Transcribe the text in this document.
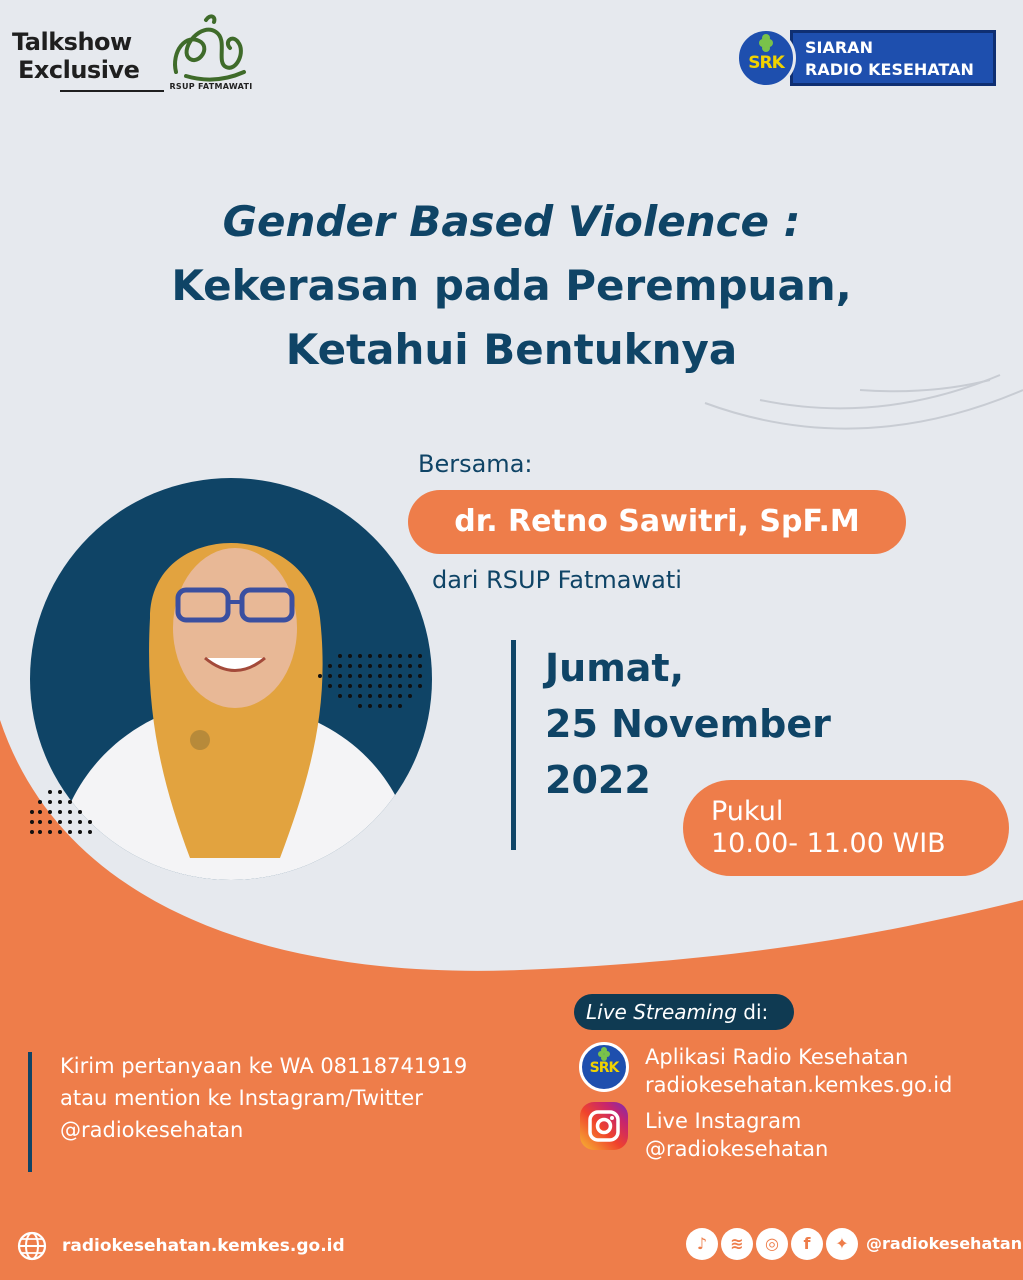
Talkshow
Exclusive
RSUP FATMAWATI
SIARAN
RADIO KESEHATAN
SRK
Gender Based Violence :
Kekerasan pada Perempuan,
Ketahui Bentuknya
Bersama:
dr. Retno Sawitri, SpF.M
dari RSUP Fatmawati
Jumat,
25 November
2022
Pukul
10.00- 11.00 WIB
Live Streaming di:
SRK	Aplikasi Radio Kesehatan
radiokesehatan.kemkes.go.id
Live Instagram
@radiokesehatan
Kirim pertanyaan ke WA 08118741919
atau mention ke Instagram/Twitter
@radiokesehatan
radiokesehatan.kemkes.go.id	♪	≋	◎	f	✦	@radiokesehatan
